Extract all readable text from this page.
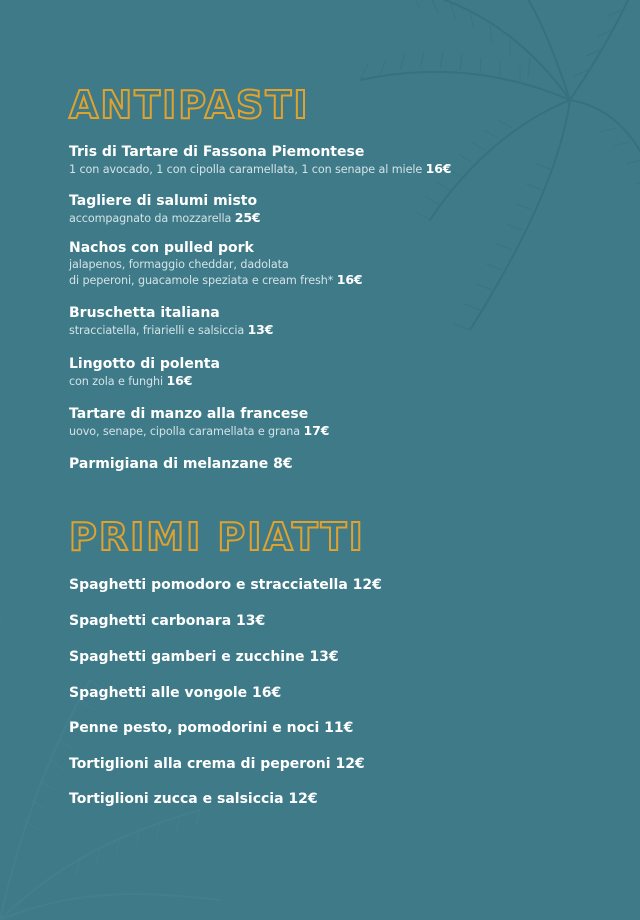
ANTIPASTI
Tris di Tartare di Fassona Piemontese
1 con avocado, 1 con cipolla caramellata, 1 con senape al miele 16€
Tagliere di salumi misto
accompagnato da mozzarella 25€
Nachos con pulled pork
jalapenos, formaggio cheddar, dadolata
di peperoni, guacamole speziata e cream fresh* 16€
Bruschetta italiana
stracciatella, friarielli e salsiccia 13€
Lingotto di polenta
con zola e funghi 16€
Tartare di manzo alla francese
uovo, senape, cipolla caramellata e grana 17€
Parmigiana di melanzane 8€
PRIMI PIATTI
Spaghetti pomodoro e stracciatella 12€
Spaghetti carbonara 13€
Spaghetti gamberi e zucchine 13€
Spaghetti alle vongole 16€
Penne pesto, pomodorini e noci 11€
Tortiglioni alla crema di peperoni 12€
Tortiglioni zucca e salsiccia 12€
